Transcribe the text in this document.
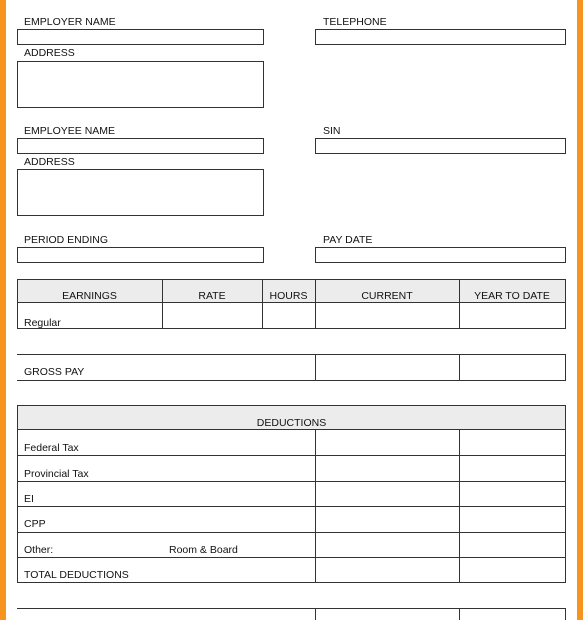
EMPLOYER NAME	TELEPHONE
ADDRESS
EMPLOYEE NAME	SIN
ADDRESS
PERIOD ENDING	PAY DATE
EARNINGS	RATE	HOURS	CURRENT	YEAR TO DATE
Regular
GROSS PAY
DEDUCTIONS
Federal Tax
Provincial Tax
EI
CPP
Other:	Room & Board
TOTAL DEDUCTIONS
